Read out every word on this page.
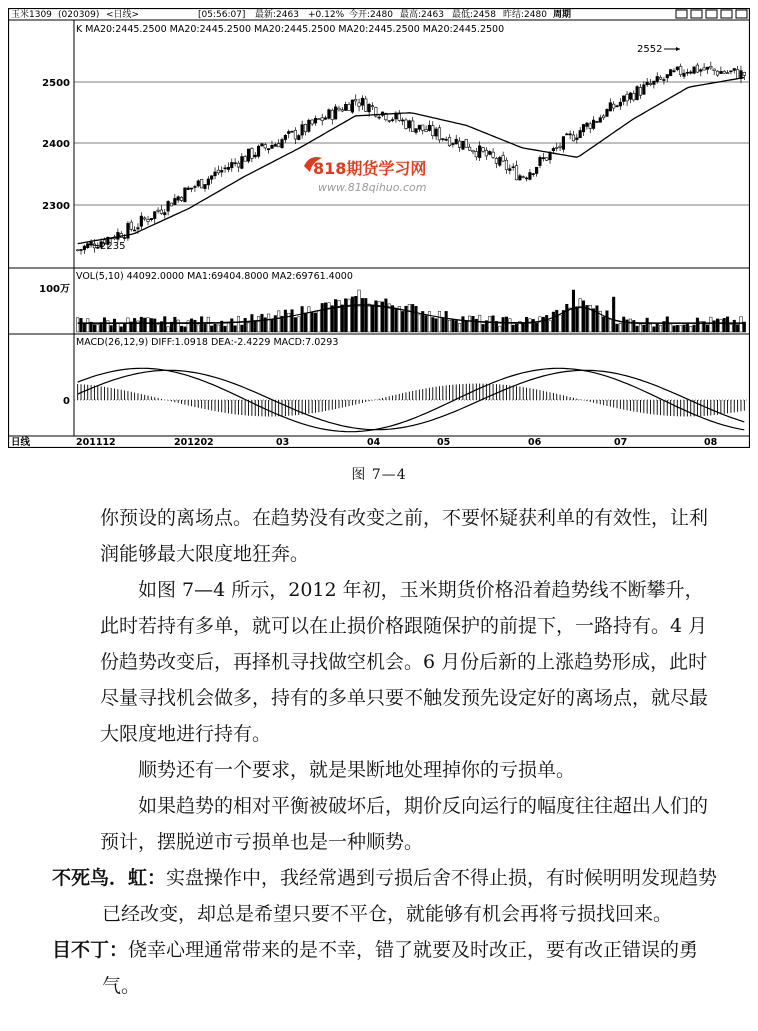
玉米1309 (020309) <日线>	[05:56:07] 最新:2463 +0.12% 今开:2480 最高:2463 最低:2458 昨结:2480 周期
K MA20:2445.2500 MA20:2445.2500 MA20:2445.2500 MA20:2445.2500 MA20:2445.2500
VOL(5,10) 44092.0000 MA1:69404.8000 MA2:69761.4000
MACD(26,12,9) DIFF:1.0918 DEA:-2.4229 MACD:7.0293
2500
2400
2300
100万
0
2552
2235
818期货学习网
www.818qihuo.com
日线	201112	201202	03	04	05	06	07	08
图 7—4

你预设的离场点。在趋势没有改变之前，不要怀疑获利单的有效性，让利润能够最大限度地狂奔。

如图 7—4 所示，2012 年初，玉米期货价格沿着趋势线不断攀升，此时若持有多单，就可以在止损价格跟随保护的前提下，一路持有。4 月份趋势改变后，再择机寻找做空机会。6 月份后新的上涨趋势形成，此时尽量寻找机会做多，持有的多单只要不触发预先设定好的离场点，就尽最大限度地进行持有。

顺势还有一个要求，就是果断地处理掉你的亏损单。

如果趋势的相对平衡被破坏后，期价反向运行的幅度往往超出人们的预计，摆脱逆市亏损单也是一种顺势。

不死鸟．虹：实盘操作中，我经常遇到亏损后舍不得止损，有时候明明发现趋势已经改变，却总是希望只要不平仓，就能够有机会再将亏损找回来。

目不丁：侥幸心理通常带来的是不幸，错了就要及时改正，要有改正错误的勇气。
